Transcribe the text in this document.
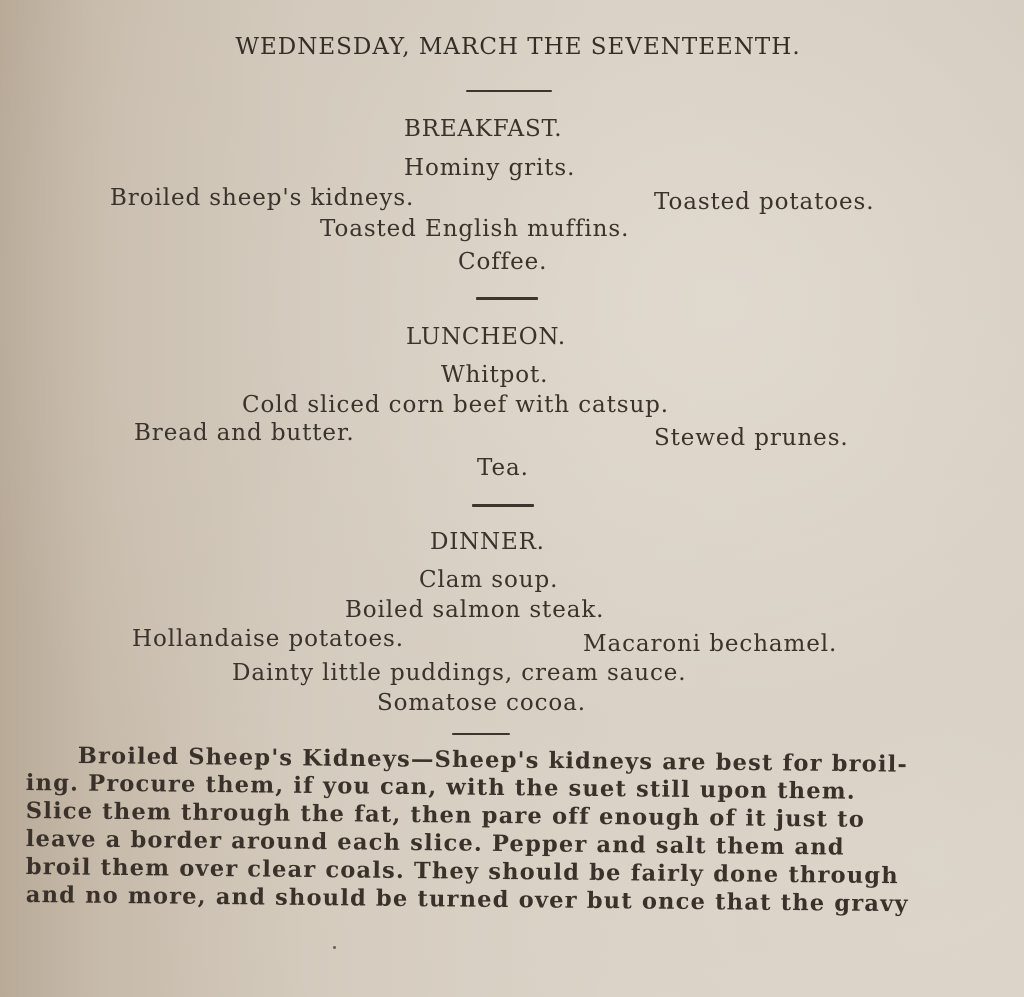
WEDNESDAY, MARCH THE SEVENTEENTH.
BREAKFAST.
Hominy grits.
Broiled sheep's kidneys.	Toasted potatoes.
Toasted English muffins.
Coffee.
LUNCHEON.
Whitpot.
Cold sliced corn beef with catsup.
Bread and butter.	Stewed prunes.
Tea.
DINNER.
Clam soup.
Boiled salmon steak.
Hollandaise potatoes.	Macaroni bechamel.
Dainty little puddings, cream sauce.
Somatose cocoa.
Broiled Sheep's Kidneys—Sheep's kidneys are best for broil-
ing. Procure them, if you can, with the suet still upon them.
Slice them through the fat, then pare off enough of it just to
leave a border around each slice. Pepper and salt them and
broil them over clear coals. They should be fairly done through
and no more, and should be turned over but once that the gravy
